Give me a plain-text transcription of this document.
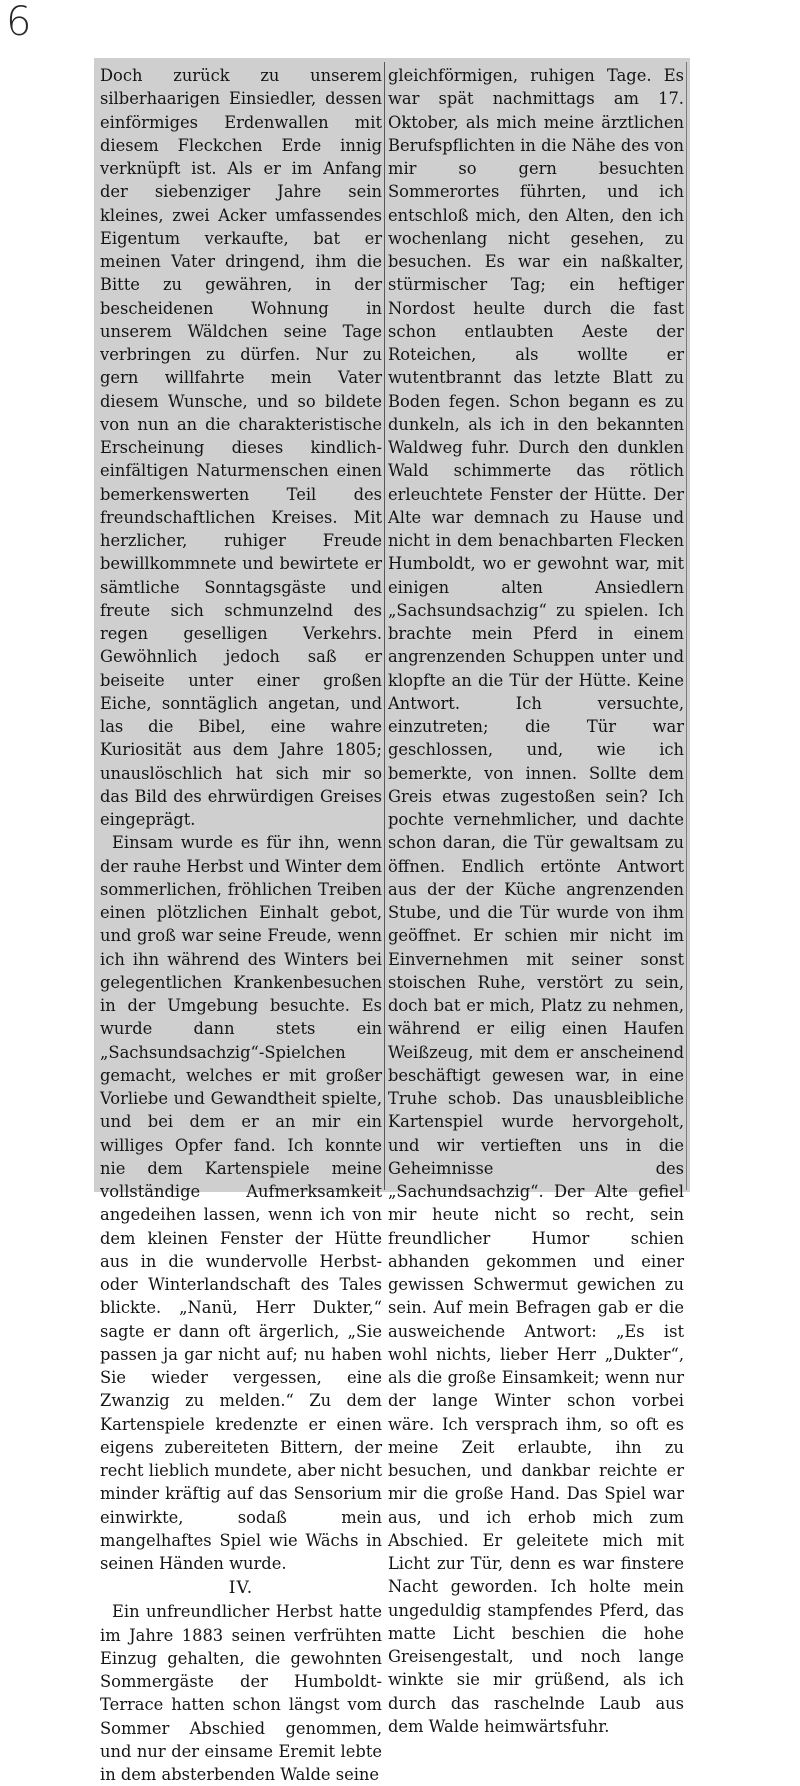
6

Doch zurück zu unserem silberhaarigen Einsiedler, dessen einförmiges Erdenwallen mit diesem Fleckchen Erde innig verknüpft ist. Als er im Anfang der siebenziger Jahre sein kleines, zwei Acker umfassendes Eigentum verkaufte, bat er meinen Vater dringend, ihm die Bitte zu gewähren, in der bescheidenen Wohnung in unserem Wäldchen seine Tage verbringen zu dürfen. Nur zu gern willfahrte mein Vater diesem Wunsche, und so bildete von nun an die charakteristische Erscheinung dieses kindlich-einfältigen Naturmenschen einen bemerkenswerten Teil des freundschaftlichen Kreises. Mit herzlicher, ruhiger Freude bewillkommnete und bewirtete er sämtliche Sonntagsgäste und freute sich schmunzelnd des regen geselligen Verkehrs. Gewöhnlich jedoch saß er beiseite unter einer großen Eiche, sonntäglich angetan, und las die Bibel, eine wahre Kuriosität aus dem Jahre 1805; unauslöschlich hat sich mir so das Bild des ehrwürdigen Greises eingeprägt.

Einsam wurde es für ihn, wenn der rauhe Herbst und Winter dem sommerlichen, fröhlichen Treiben einen plötzlichen Einhalt gebot, und groß war seine Freude, wenn ich ihn während des Winters bei gelegentlichen Krankenbesuchen in der Umgebung besuchte. Es wurde dann stets ein „Sachsundsachzig“-Spielchen gemacht, welches er mit großer Vorliebe und Gewandtheit spielte, und bei dem er an mir ein williges Opfer fand. Ich konnte nie dem Kartenspiele meine vollständige Aufmerksamkeit angedeihen lassen, wenn ich von dem kleinen Fenster der Hütte aus in die wundervolle Herbst- oder Winterlandschaft des Tales blickte. „Nanü, Herr Dukter,“ sagte er dann oft ärgerlich, „Sie passen ja gar nicht auf; nu haben Sie wieder vergessen, eine Zwanzig zu melden.“ Zu dem Kartenspiele kredenzte er einen eigens zubereiteten Bittern, der recht lieblich mundete, aber nicht minder kräftig auf das Sensorium einwirkte, sodaß mein mangelhaftes Spiel wie Wächs in seinen Händen wurde.

IV.

Ein unfreundlicher Herbst hatte im Jahre 1883 seinen verfrühten Einzug gehalten, die gewohnten Sommergäste der Humboldt-Terrace hatten schon längst vom Sommer Abschied genommen, und nur der einsame Eremit lebte in dem absterbenden Walde seine

gleichförmigen, ruhigen Tage. Es war spät nachmittags am 17. Oktober, als mich meine ärztlichen Berufspflichten in die Nähe des von mir so gern besuchten Sommerortes führten, und ich entschloß mich, den Alten, den ich wochenlang nicht gesehen, zu besuchen. Es war ein naßkalter, stürmischer Tag; ein heftiger Nordost heulte durch die fast schon entlaubten Aeste der Roteichen, als wollte er wutentbrannt das letzte Blatt zu Boden fegen. Schon begann es zu dunkeln, als ich in den bekannten Waldweg fuhr. Durch den dunklen Wald schimmerte das rötlich erleuchtete Fenster der Hütte. Der Alte war demnach zu Hause und nicht in dem benachbarten Flecken Humboldt, wo er gewohnt war, mit einigen alten Ansiedlern „Sachsundsachzig“ zu spielen. Ich brachte mein Pferd in einem angrenzenden Schuppen unter und klopfte an die Tür der Hütte. Keine Antwort. Ich versuchte, einzutreten; die Tür war geschlossen, und, wie ich bemerkte, von innen. Sollte dem Greis etwas zugestoßen sein? Ich pochte vernehmlicher, und dachte schon daran, die Tür gewaltsam zu öffnen. Endlich ertönte Antwort aus der der Küche angrenzenden Stube, und die Tür wurde von ihm geöffnet. Er schien mir nicht im Einvernehmen mit seiner sonst stoischen Ruhe, verstört zu sein, doch bat er mich, Platz zu nehmen, während er eilig einen Haufen Weißzeug, mit dem er anscheinend beschäftigt gewesen war, in eine Truhe schob. Das unausbleibliche Kartenspiel wurde hervorgeholt, und wir vertieften uns in die Geheimnisse des „Sachundsachzig“. Der Alte gefiel mir heute nicht so recht, sein freundlicher Humor schien abhanden gekommen und einer gewissen Schwermut gewichen zu sein. Auf mein Befragen gab er die ausweichende Antwort: „Es ist wohl nichts, lieber Herr „Dukter“, als die große Einsamkeit; wenn nur der lange Winter schon vorbei wäre. Ich versprach ihm, so oft es meine Zeit erlaubte, ihn zu besuchen, und dankbar reichte er mir die große Hand. Das Spiel war aus, und ich erhob mich zum Abschied. Er geleitete mich mit Licht zur Tür, denn es war finstere Nacht geworden. Ich holte mein ungeduldig stampfendes Pferd, das matte Licht beschien die hohe Greisengestalt, und noch lange winkte sie mir grüßend, als ich durch das raschelnde Laub aus dem Walde heimwärtsfuhr.
